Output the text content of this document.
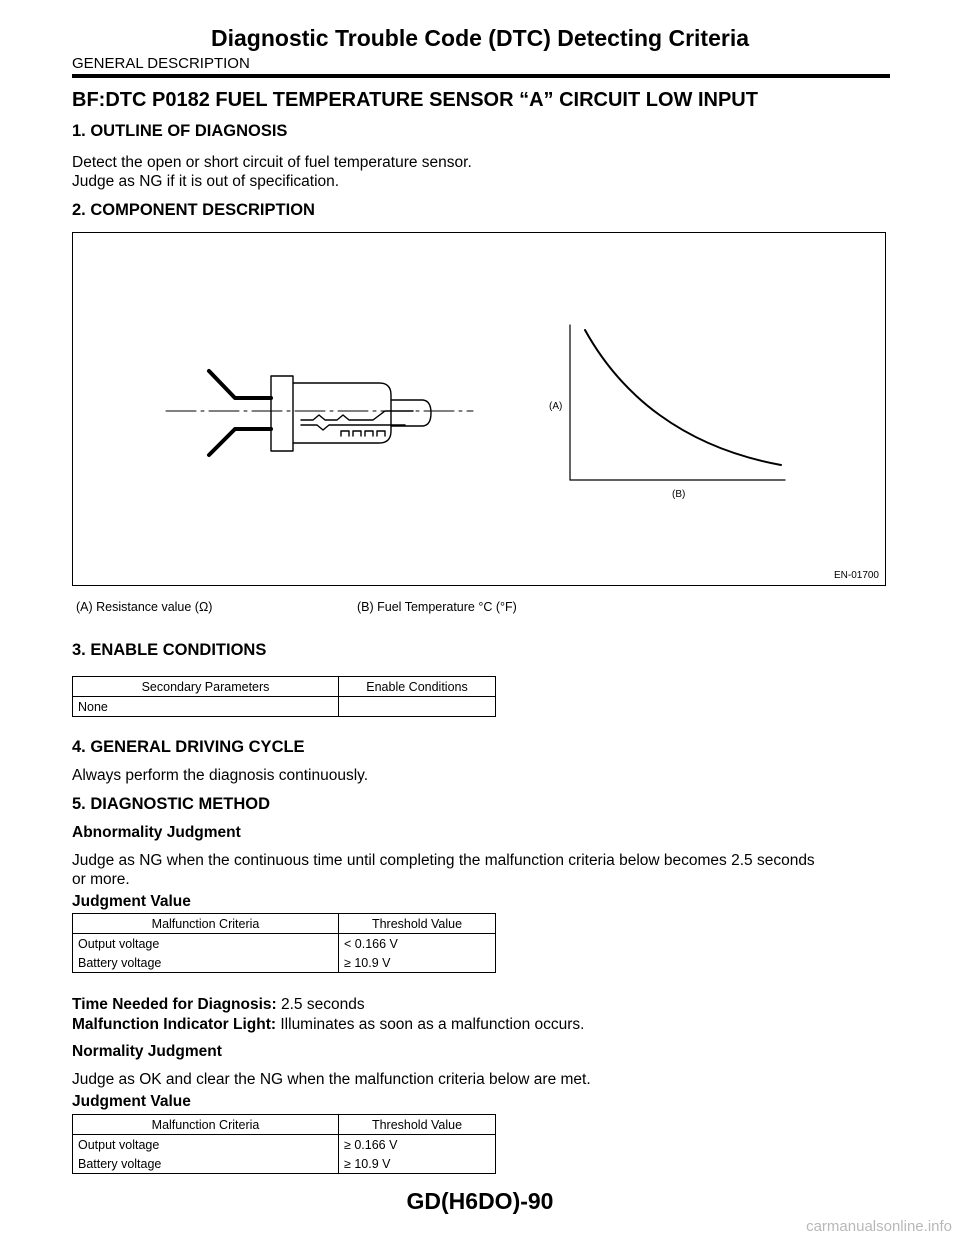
Diagnostic Trouble Code (DTC) Detecting Criteria
GENERAL DESCRIPTION
BF:DTC P0182 FUEL TEMPERATURE SENSOR “A” CIRCUIT LOW INPUT
1. OUTLINE OF DIAGNOSIS
Detect the open or short circuit of fuel temperature sensor.
Judge as NG if it is out of specification.
2. COMPONENT DESCRIPTION
(A)
(B)
EN-01700
(A) Resistance value (Ω)	(B) Fuel Temperature °C (°F)
3. ENABLE CONDITIONS
Secondary Parameters	Enable Conditions
None	
4. GENERAL DRIVING CYCLE
Always perform the diagnosis continuously.
5. DIAGNOSTIC METHOD
Abnormality Judgment
Judge as NG when the continuous time until completing the malfunction criteria below becomes 2.5 seconds
or more.
Judgment Value
Malfunction Criteria	Threshold Value
Output voltage	< 0.166 V
Battery voltage	≥ 10.9 V
Time Needed for Diagnosis: 2.5 seconds
Malfunction Indicator Light: Illuminates as soon as a malfunction occurs.
Normality Judgment
Judge as OK and clear the NG when the malfunction criteria below are met.
Judgment Value
Malfunction Criteria	Threshold Value
Output voltage	≥ 0.166 V
Battery voltage	≥ 10.9 V
GD(H6DO)-90
carmanualsonline.info
